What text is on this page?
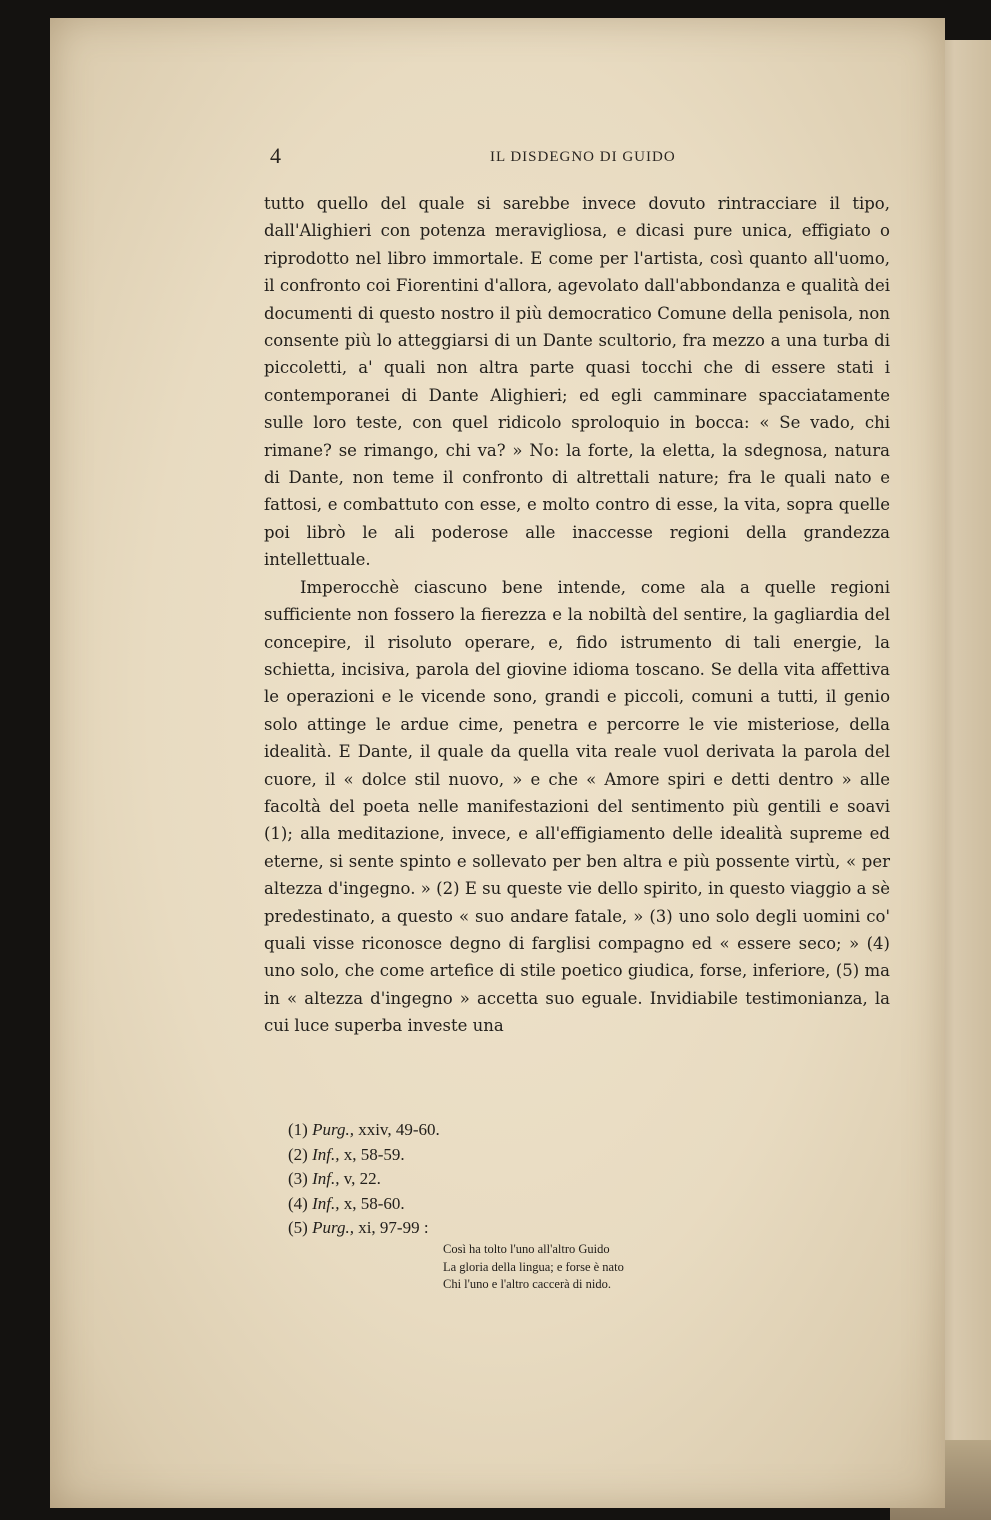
4	IL DISDEGNO DI GUIDO

tutto quello del quale si sarebbe invece dovuto rintracciare il tipo, dall'Alighieri con potenza meravigliosa, e dicasi pure unica, effigiato o riprodotto nel libro immortale. E come per l'artista, così quanto all'uomo, il confronto coi Fiorentini d'allora, agevolato dall'abbondanza e qualità dei documenti di questo nostro il più democratico Comune della penisola, non consente più lo atteggiarsi di un Dante scultorio, fra mezzo a una turba di piccoletti, a' quali non altra parte quasi tocchi che di essere stati i contemporanei di Dante Alighieri; ed egli camminare spacciatamente sulle loro teste, con quel ridicolo sproloquio in bocca: « Se vado, chi rimane? se rimango, chi va? » No: la forte, la eletta, la sdegnosa, natura di Dante, non teme il confronto di altrettali nature; fra le quali nato e fattosi, e combattuto con esse, e molto contro di esse, la vita, sopra quelle poi librò le ali poderose alle inaccesse regioni della grandezza intellettuale.

Imperocchè ciascuno bene intende, come ala a quelle regioni sufficiente non fossero la fierezza e la nobiltà del sentire, la gagliardia del concepire, il risoluto operare, e, fido istrumento di tali energie, la schietta, incisiva, parola del giovine idioma toscano. Se della vita affettiva le operazioni e le vicende sono, grandi e piccoli, comuni a tutti, il genio solo attinge le ardue cime, penetra e percorre le vie misteriose, della idealità. E Dante, il quale da quella vita reale vuol derivata la parola del cuore, il « dolce stil nuovo, » e che « Amore spiri e detti dentro » alle facoltà del poeta nelle manifestazioni del sentimento più gentili e soavi (1); alla meditazione, invece, e all'effigiamento delle idealità supreme ed eterne, si sente spinto e sollevato per ben altra e più possente virtù, « per altezza d'ingegno. » (2) E su queste vie dello spirito, in questo viaggio a sè predestinato, a questo « suo andare fatale, » (3) uno solo degli uomini co' quali visse riconosce degno di farglisi compagno ed « essere seco; » (4) uno solo, che come artefice di stile poetico giudica, forse, inferiore, (5) ma in « altezza d'ingegno » accetta suo eguale. Invidiabile testimonianza, la cui luce superba investe una

(1) Purg., xxiv, 49-60.
(2) Inf., x, 58-59.
(3) Inf., v, 22.
(4) Inf., x, 58-60.
(5) Purg., xi, 97-99 :
Così ha tolto l'uno all'altro Guido
La gloria della lingua; e forse è nato
Chi l'uno e l'altro caccerà di nido.
